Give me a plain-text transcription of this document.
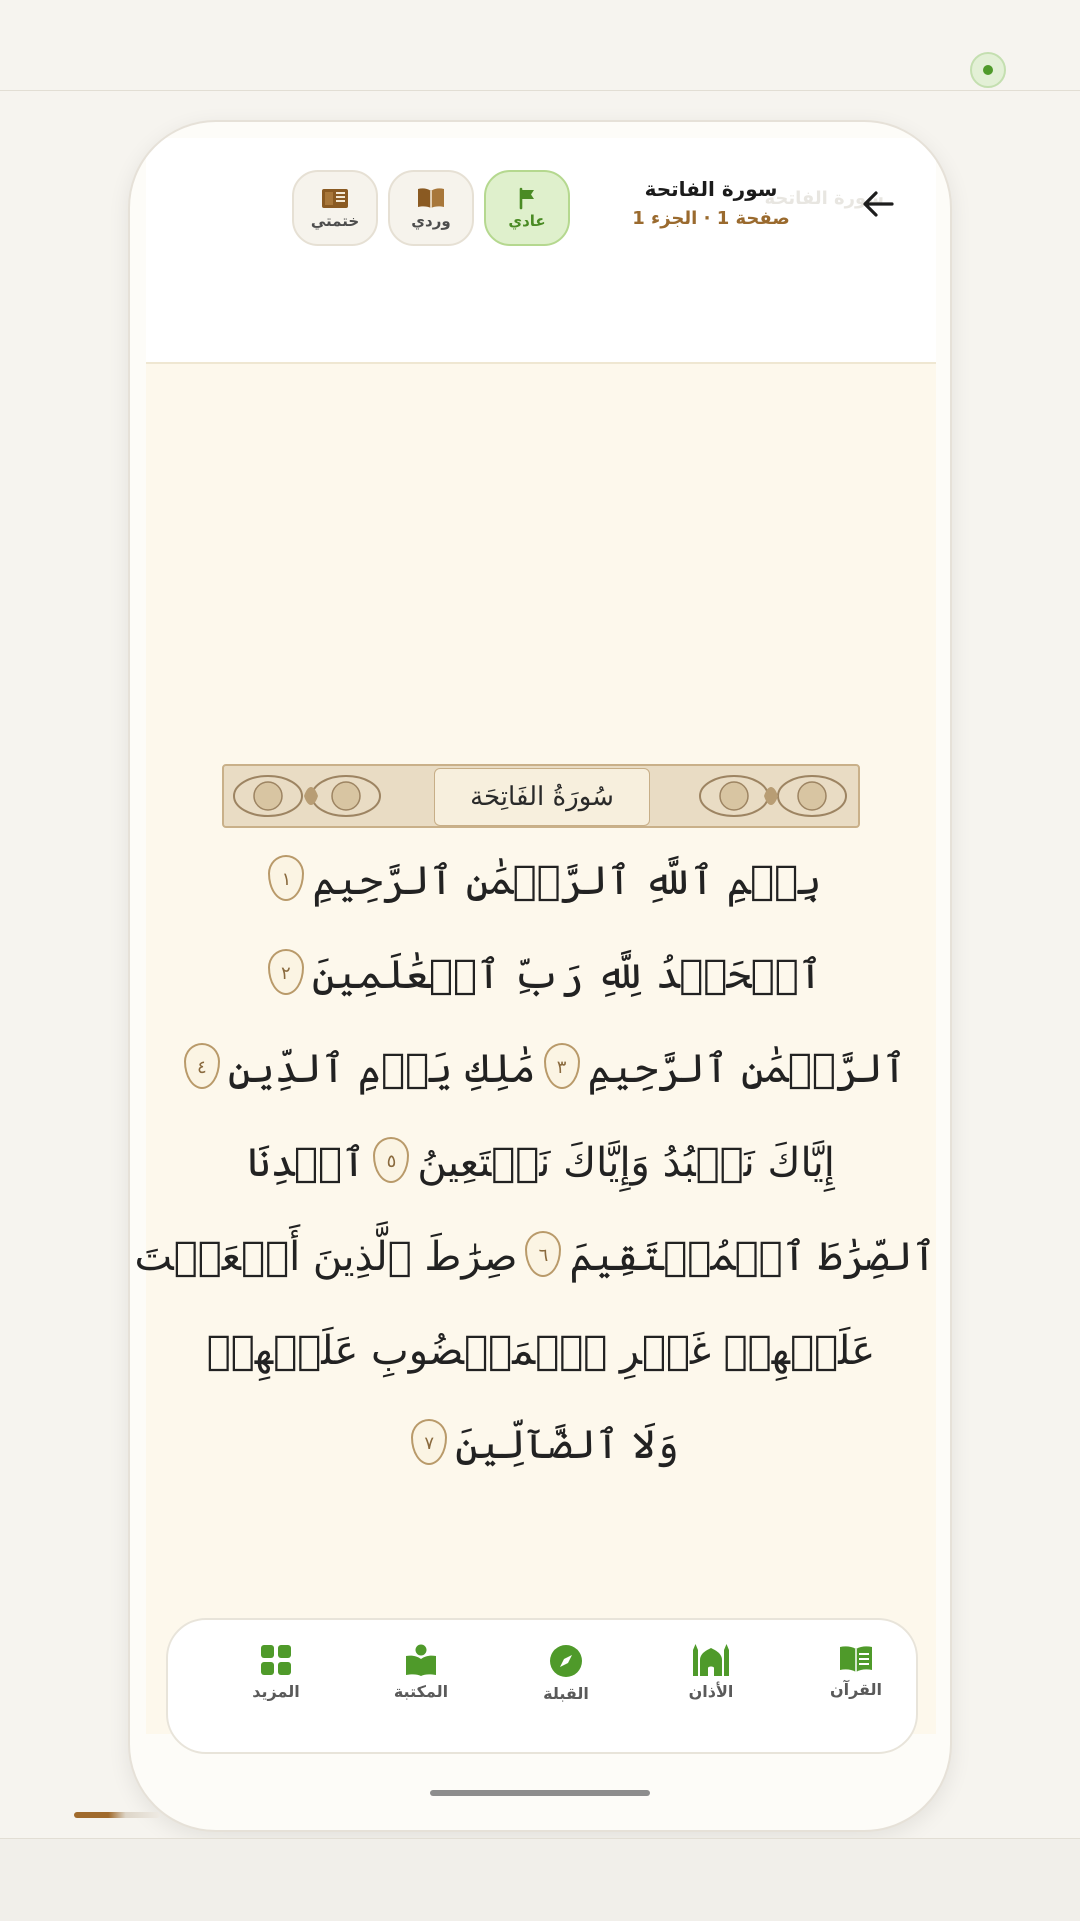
سورة الفاتحة
سورة الفاتحة
صفحة 1 · الجزء 1
عادي
وردي
ختمتي
سُورَةُ الفَاتِحَة
بِسۡمِ ٱللَّهِ ٱلرَّحۡمَٰنِ ٱلرَّحِيمِ١
ٱلۡحَمۡدُ لِلَّهِ رَبِّ ٱلۡعَٰلَمِينَ٢
ٱلرَّحۡمَٰنِ ٱلرَّحِيمِ٣مَٰلِكِ يَوۡمِ ٱلدِّينِ٤
إِيَّاكَ نَعۡبُدُ وَإِيَّاكَ نَسۡتَعِينُ٥ٱهۡدِنَا
ٱلصِّرَٰطَ ٱلۡمُسۡتَقِيمَ٦صِرَٰطَ ٱلَّذِينَ أَنۡعَمۡتَ
عَلَيۡهِمۡ غَيۡرِ ٱلۡمَغۡضُوبِ عَلَيۡهِمۡ
وَلَا ٱلضَّآلِّينَ٧
القرآن
الأذان
القبلة
المكتبة
المزيد
